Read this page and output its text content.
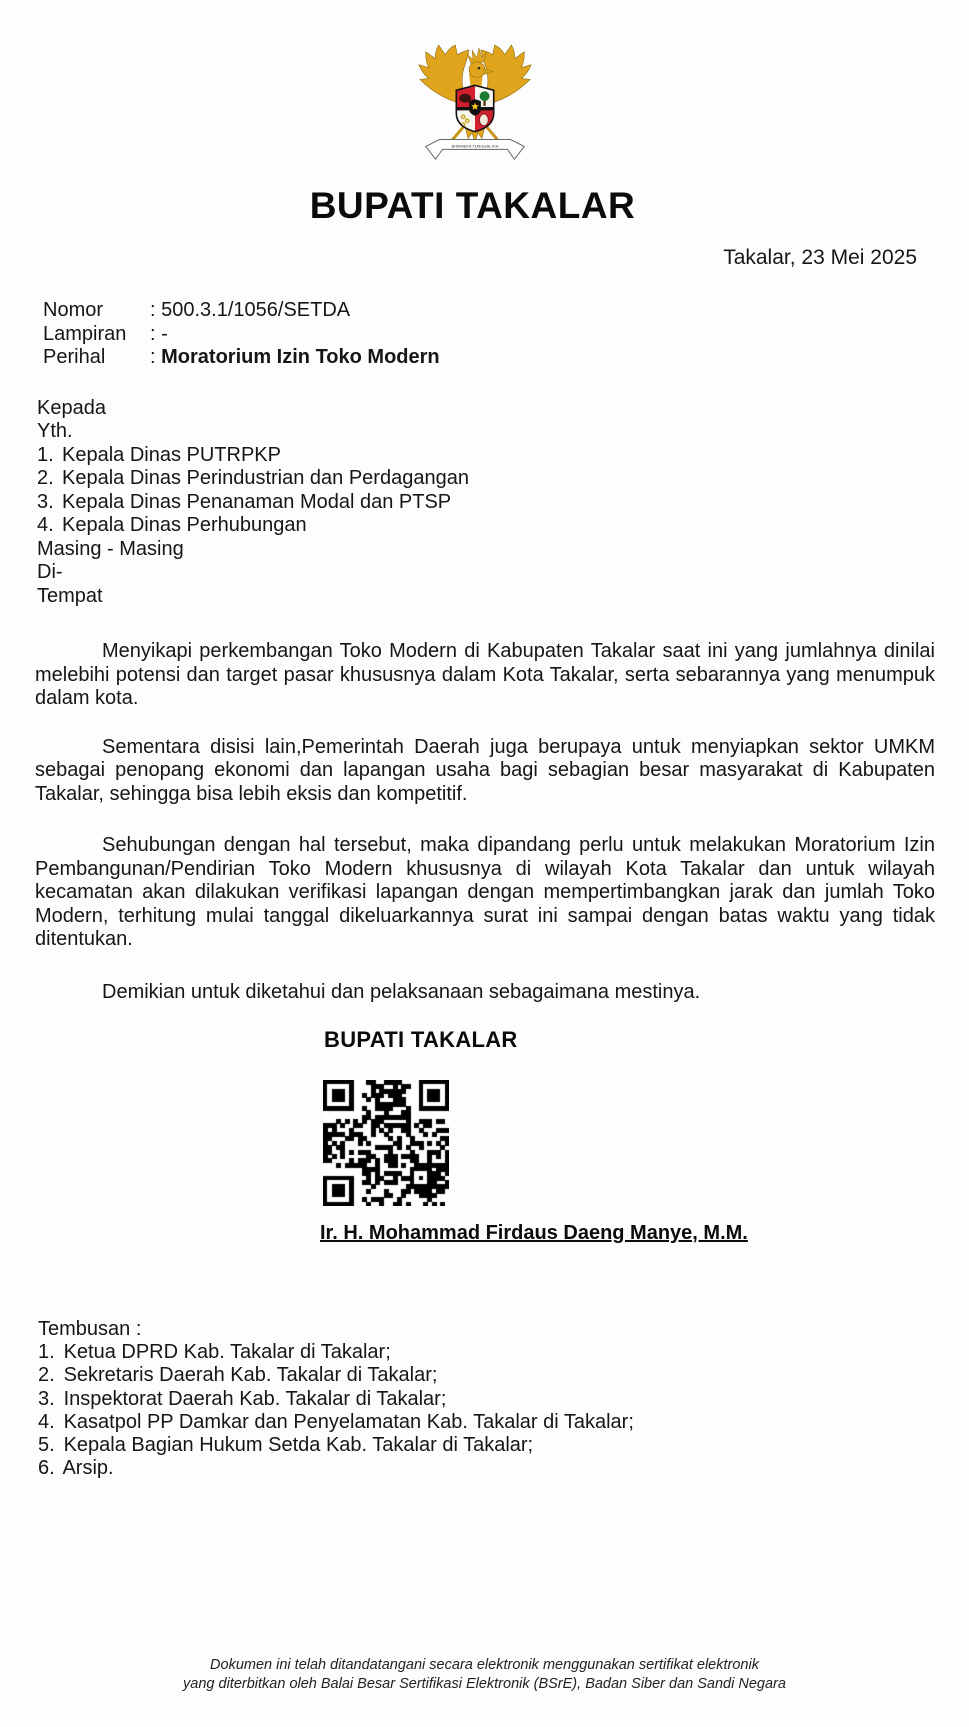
BHINNEKA TUNGGAL IKA
BUPATI TAKALAR
Takalar, 23 Mei 2025
Nomor : 500.3.1/1056/SETDA
Lampiran : -
Perihal : Moratorium Izin Toko Modern
Kepada
Yth.
1. Kepala Dinas PUTRPKP
2. Kepala Dinas Perindustrian dan Perdagangan
3. Kepala Dinas Penanaman Modal dan PTSP
4. Kepala Dinas Perhubungan
Masing - Masing
Di-
Tempat
Menyikapi perkembangan Toko Modern di Kabupaten Takalar saat ini yang jumlahnya dinilai melebihi potensi dan target pasar khususnya dalam Kota Takalar, serta sebarannya yang menumpuk dalam kota.
Sementara disisi lain,Pemerintah Daerah juga berupaya untuk menyiapkan sektor UMKM sebagai penopang ekonomi dan lapangan usaha bagi sebagian besar masyarakat di Kabupaten Takalar, sehingga bisa lebih eksis dan kompetitif.
Sehubungan dengan hal tersebut, maka dipandang perlu untuk melakukan Moratorium Izin Pembangunan/Pendirian Toko Modern khususnya di wilayah Kota Takalar dan untuk wilayah kecamatan akan dilakukan verifikasi lapangan dengan mempertimbangkan jarak dan jumlah Toko Modern, terhitung mulai tanggal dikeluarkannya surat ini sampai dengan batas waktu yang tidak ditentukan.
Demikian untuk diketahui dan pelaksanaan sebagaimana mestinya.
BUPATI TAKALAR
Ir. H. Mohammad Firdaus Daeng Manye, M.M.
Tembusan :
1. Ketua DPRD Kab. Takalar di Takalar;
2. Sekretaris Daerah Kab. Takalar di Takalar;
3. Inspektorat Daerah Kab. Takalar di Takalar;
4. Kasatpol PP Damkar dan Penyelamatan Kab. Takalar di Takalar;
5. Kepala Bagian Hukum Setda Kab. Takalar di Takalar;
6. Arsip.
Dokumen ini telah ditandatangani secara elektronik menggunakan sertifikat elektronik
yang diterbitkan oleh Balai Besar Sertifikasi Elektronik (BSrE), Badan Siber dan Sandi Negara
